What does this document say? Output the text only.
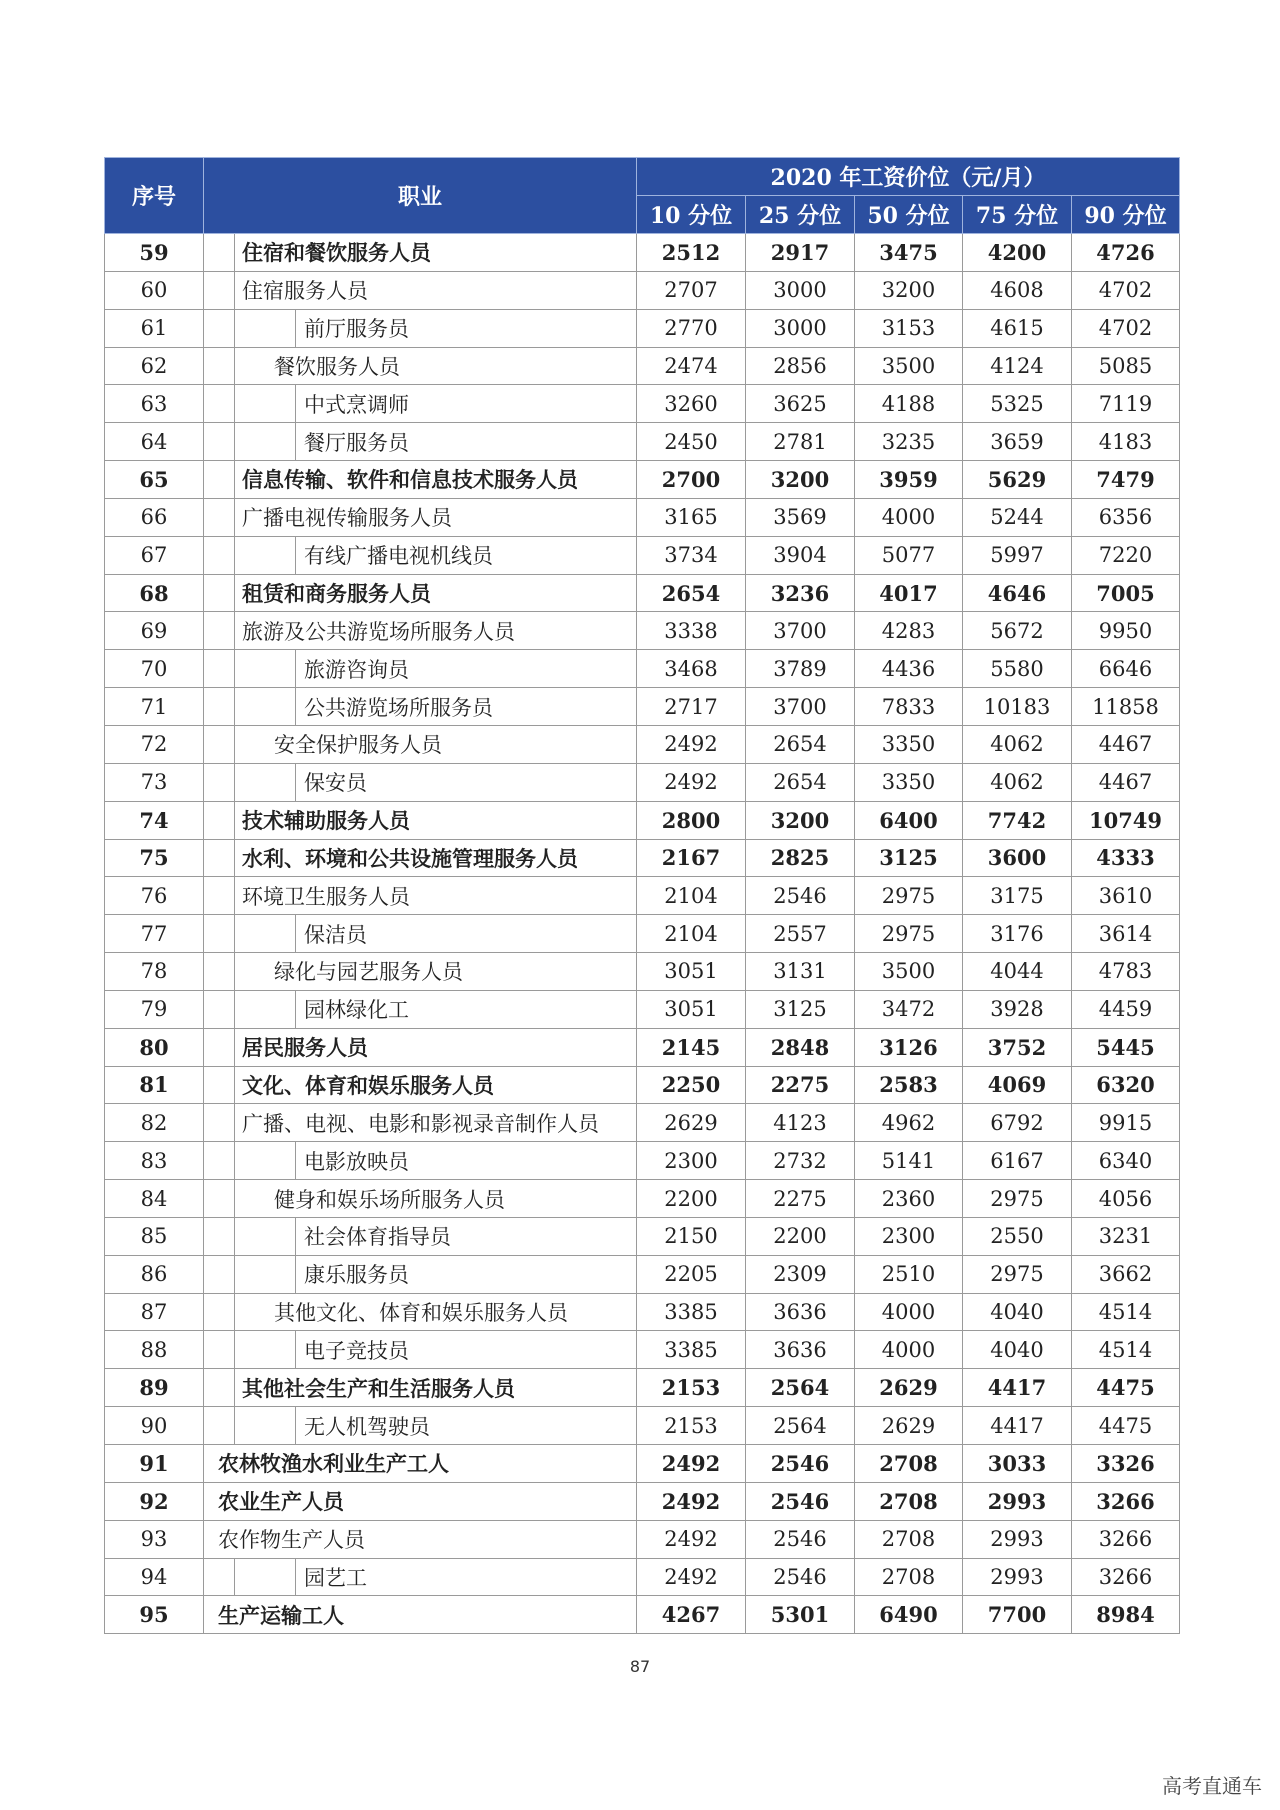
序号	职业	2020 年工资价位（元/月）				
		10 分位	25 分位	50 分位	75 分位	90 分位
59	住宿和餐饮服务人员	2512	2917	3475	4200	4726
60	住宿服务人员	2707	3000	3200	4608	4702
61	前厅服务员	2770	3000	3153	4615	4702
62	餐饮服务人员	2474	2856	3500	4124	5085
63	中式烹调师	3260	3625	4188	5325	7119
64	餐厅服务员	2450	2781	3235	3659	4183
65	信息传输、软件和信息技术服务人员	2700	3200	3959	5629	7479
66	广播电视传输服务人员	3165	3569	4000	5244	6356
67	有线广播电视机线员	3734	3904	5077	5997	7220
68	租赁和商务服务人员	2654	3236	4017	4646	7005
69	旅游及公共游览场所服务人员	3338	3700	4283	5672	9950
70	旅游咨询员	3468	3789	4436	5580	6646
71	公共游览场所服务员	2717	3700	7833	10183	11858
72	安全保护服务人员	2492	2654	3350	4062	4467
73	保安员	2492	2654	3350	4062	4467
74	技术辅助服务人员	2800	3200	6400	7742	10749
75	水利、环境和公共设施管理服务人员	2167	2825	3125	3600	4333
76	环境卫生服务人员	2104	2546	2975	3175	3610
77	保洁员	2104	2557	2975	3176	3614
78	绿化与园艺服务人员	3051	3131	3500	4044	4783
79	园林绿化工	3051	3125	3472	3928	4459
80	居民服务人员	2145	2848	3126	3752	5445
81	文化、体育和娱乐服务人员	2250	2275	2583	4069	6320
82	广播、电视、电影和影视录音制作人员	2629	4123	4962	6792	9915
83	电影放映员	2300	2732	5141	6167	6340
84	健身和娱乐场所服务人员	2200	2275	2360	2975	4056
85	社会体育指导员	2150	2200	2300	2550	3231
86	康乐服务员	2205	2309	2510	2975	3662
87	其他文化、体育和娱乐服务人员	3385	3636	4000	4040	4514
88	电子竞技员	3385	3636	4000	4040	4514
89	其他社会生产和生活服务人员	2153	2564	2629	4417	4475
90	无人机驾驶员	2153	2564	2629	4417	4475
91	农林牧渔水利业生产工人	2492	2546	2708	3033	3326
92	农业生产人员	2492	2546	2708	2993	3266
93	农作物生产人员	2492	2546	2708	2993	3266
94	园艺工	2492	2546	2708	2993	3266
95	生产运输工人	4267	5301	6490	7700	8984
87
高考直通车
